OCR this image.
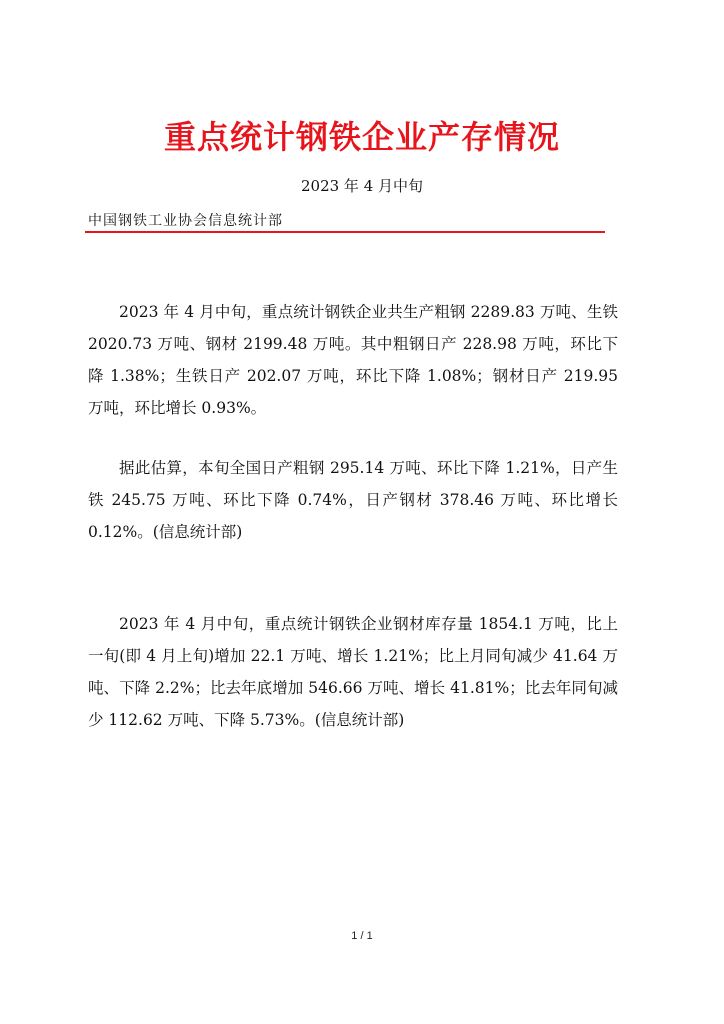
重点统计钢铁企业产存情况
2023 年 4 月中旬
中国钢铁工业协会信息统计部

2023 年 4 月中旬，重点统计钢铁企业共生产粗钢 2289.83 万吨、生铁 2020.73 万吨、钢材 2199.48 万吨。其中粗钢日产 228.98 万吨，环比下降 1.38%；生铁日产 202.07 万吨，环比下降 1.08%；钢材日产 219.95 万吨，环比增长 0.93%。

据此估算，本旬全国日产粗钢 295.14 万吨、环比下降 1.21%，日产生铁 245.75 万吨、环比下降 0.74%，日产钢材 378.46 万吨、环比增长 0.12%。(信息统计部)

2023 年 4 月中旬，重点统计钢铁企业钢材库存量 1854.1 万吨，比上一旬(即 4 月上旬)增加 22.1 万吨、增长 1.21%；比上月同旬减少 41.64 万吨、下降 2.2%；比去年底增加 546.66 万吨、增长 41.81%；比去年同旬减少 112.62 万吨、下降 5.73%。(信息统计部)

1 / 1
